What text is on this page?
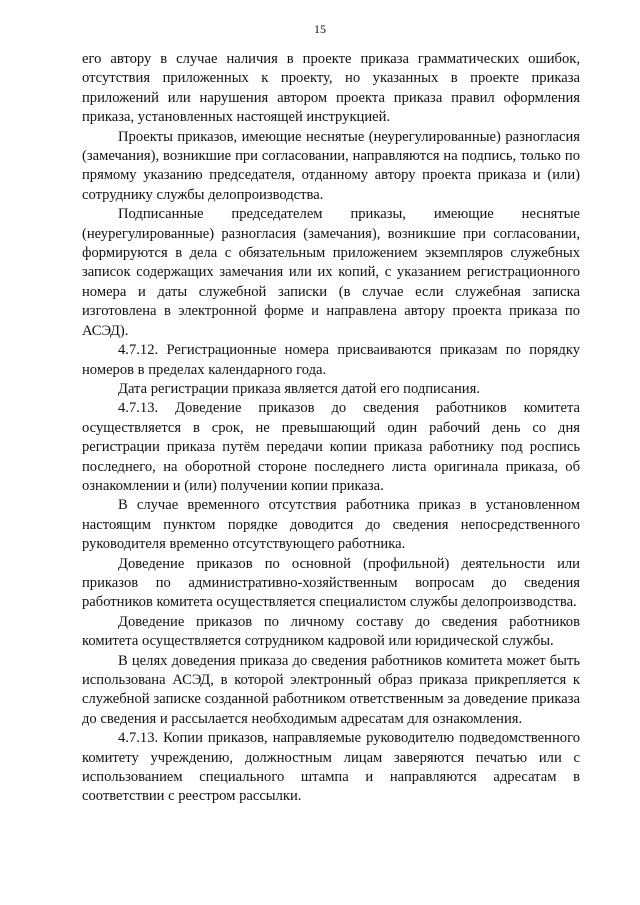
15

его автору в случае наличия в проекте приказа грамматических ошибок, отсутствия приложенных к проекту, но указанных в проекте приказа приложений или нарушения автором проекта приказа правил оформления приказа, установленных настоящей инструкцией.

Проекты приказов, имеющие неснятые (неурегулированные) разногласия (замечания), возникшие при согласовании, направляются на подпись, только по прямому указанию председателя, отданному автору проекта приказа и (или) сотруднику службы делопроизводства.

Подписанные председателем приказы, имеющие неснятые (неурегулированные) разногласия (замечания), возникшие при согласовании, формируются в дела с обязательным приложением экземпляров служебных записок содержащих замечания или их копий, с указанием регистрационного номера и даты служебной записки (в случае если служебная записка изготовлена в электронной форме и направлена автору проекта приказа по АСЭД).

4.7.12. Регистрационные номера присваиваются приказам по порядку номеров в пределах календарного года.

Дата регистрации приказа является датой его подписания.

4.7.13. Доведение приказов до сведения работников комитета осуществляется в срок, не превышающий один рабочий день со дня регистрации приказа путём передачи копии приказа работнику под роспись последнего, на оборотной стороне последнего листа оригинала приказа, об ознакомлении и (или) получении копии приказа.

В случае временного отсутствия работника приказ в установленном настоящим пунктом порядке доводится до сведения непосредственного руководителя временно отсутствующего работника.

Доведение приказов по основной (профильной) деятельности или приказов по административно-хозяйственным вопросам до сведения работников комитета осуществляется специалистом службы делопроизводства.

Доведение приказов по личному составу до сведения работников комитета осуществляется сотрудником кадровой или юридической службы.

В целях доведения приказа до сведения работников комитета может быть использована АСЭД, в которой электронный образ приказа прикрепляется к служебной записке созданной работником ответственным за доведение приказа до сведения и рассылается необходимым адресатам для ознакомления.

4.7.13. Копии приказов, направляемые руководителю подведомственного комитету учреждению, должностным лицам заверяются печатью или с использованием специального штампа и направляются адресатам в соответствии с реестром рассылки.
